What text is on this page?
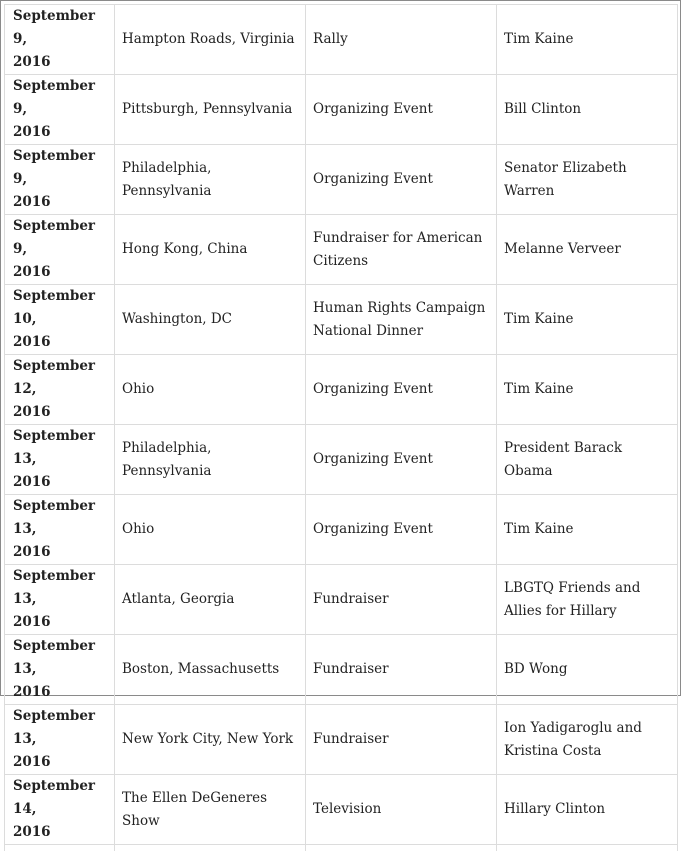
September 9,
2016	Hampton Roads, Virginia	Rally	Tim Kaine
September 9,
2016	Pittsburgh, Pennsylvania	Organizing Event	Bill Clinton
September 9,
2016	Philadelphia, Pennsylvania	Organizing Event	Senator Elizabeth Warren
September 9,
2016	Hong Kong, China	Fundraiser for American Citizens	Melanne Verveer
September 10,
2016	Washington, DC	Human Rights Campaign National Dinner	Tim Kaine
September 12,
2016	Ohio	Organizing Event	Tim Kaine
September 13,
2016	Philadelphia, Pennsylvania	Organizing Event	President Barack Obama
September 13,
2016	Ohio	Organizing Event	Tim Kaine
September 13,
2016	Atlanta, Georgia	Fundraiser	LBGTQ Friends and Allies for Hillary
September 13,
2016	Boston, Massachusetts	Fundraiser	BD Wong
September 13,
2016	New York City, New York	Fundraiser	Ion Yadigaroglu and Kristina Costa
September 14,
2016	The Ellen DeGeneres Show	Television	Hillary Clinton
